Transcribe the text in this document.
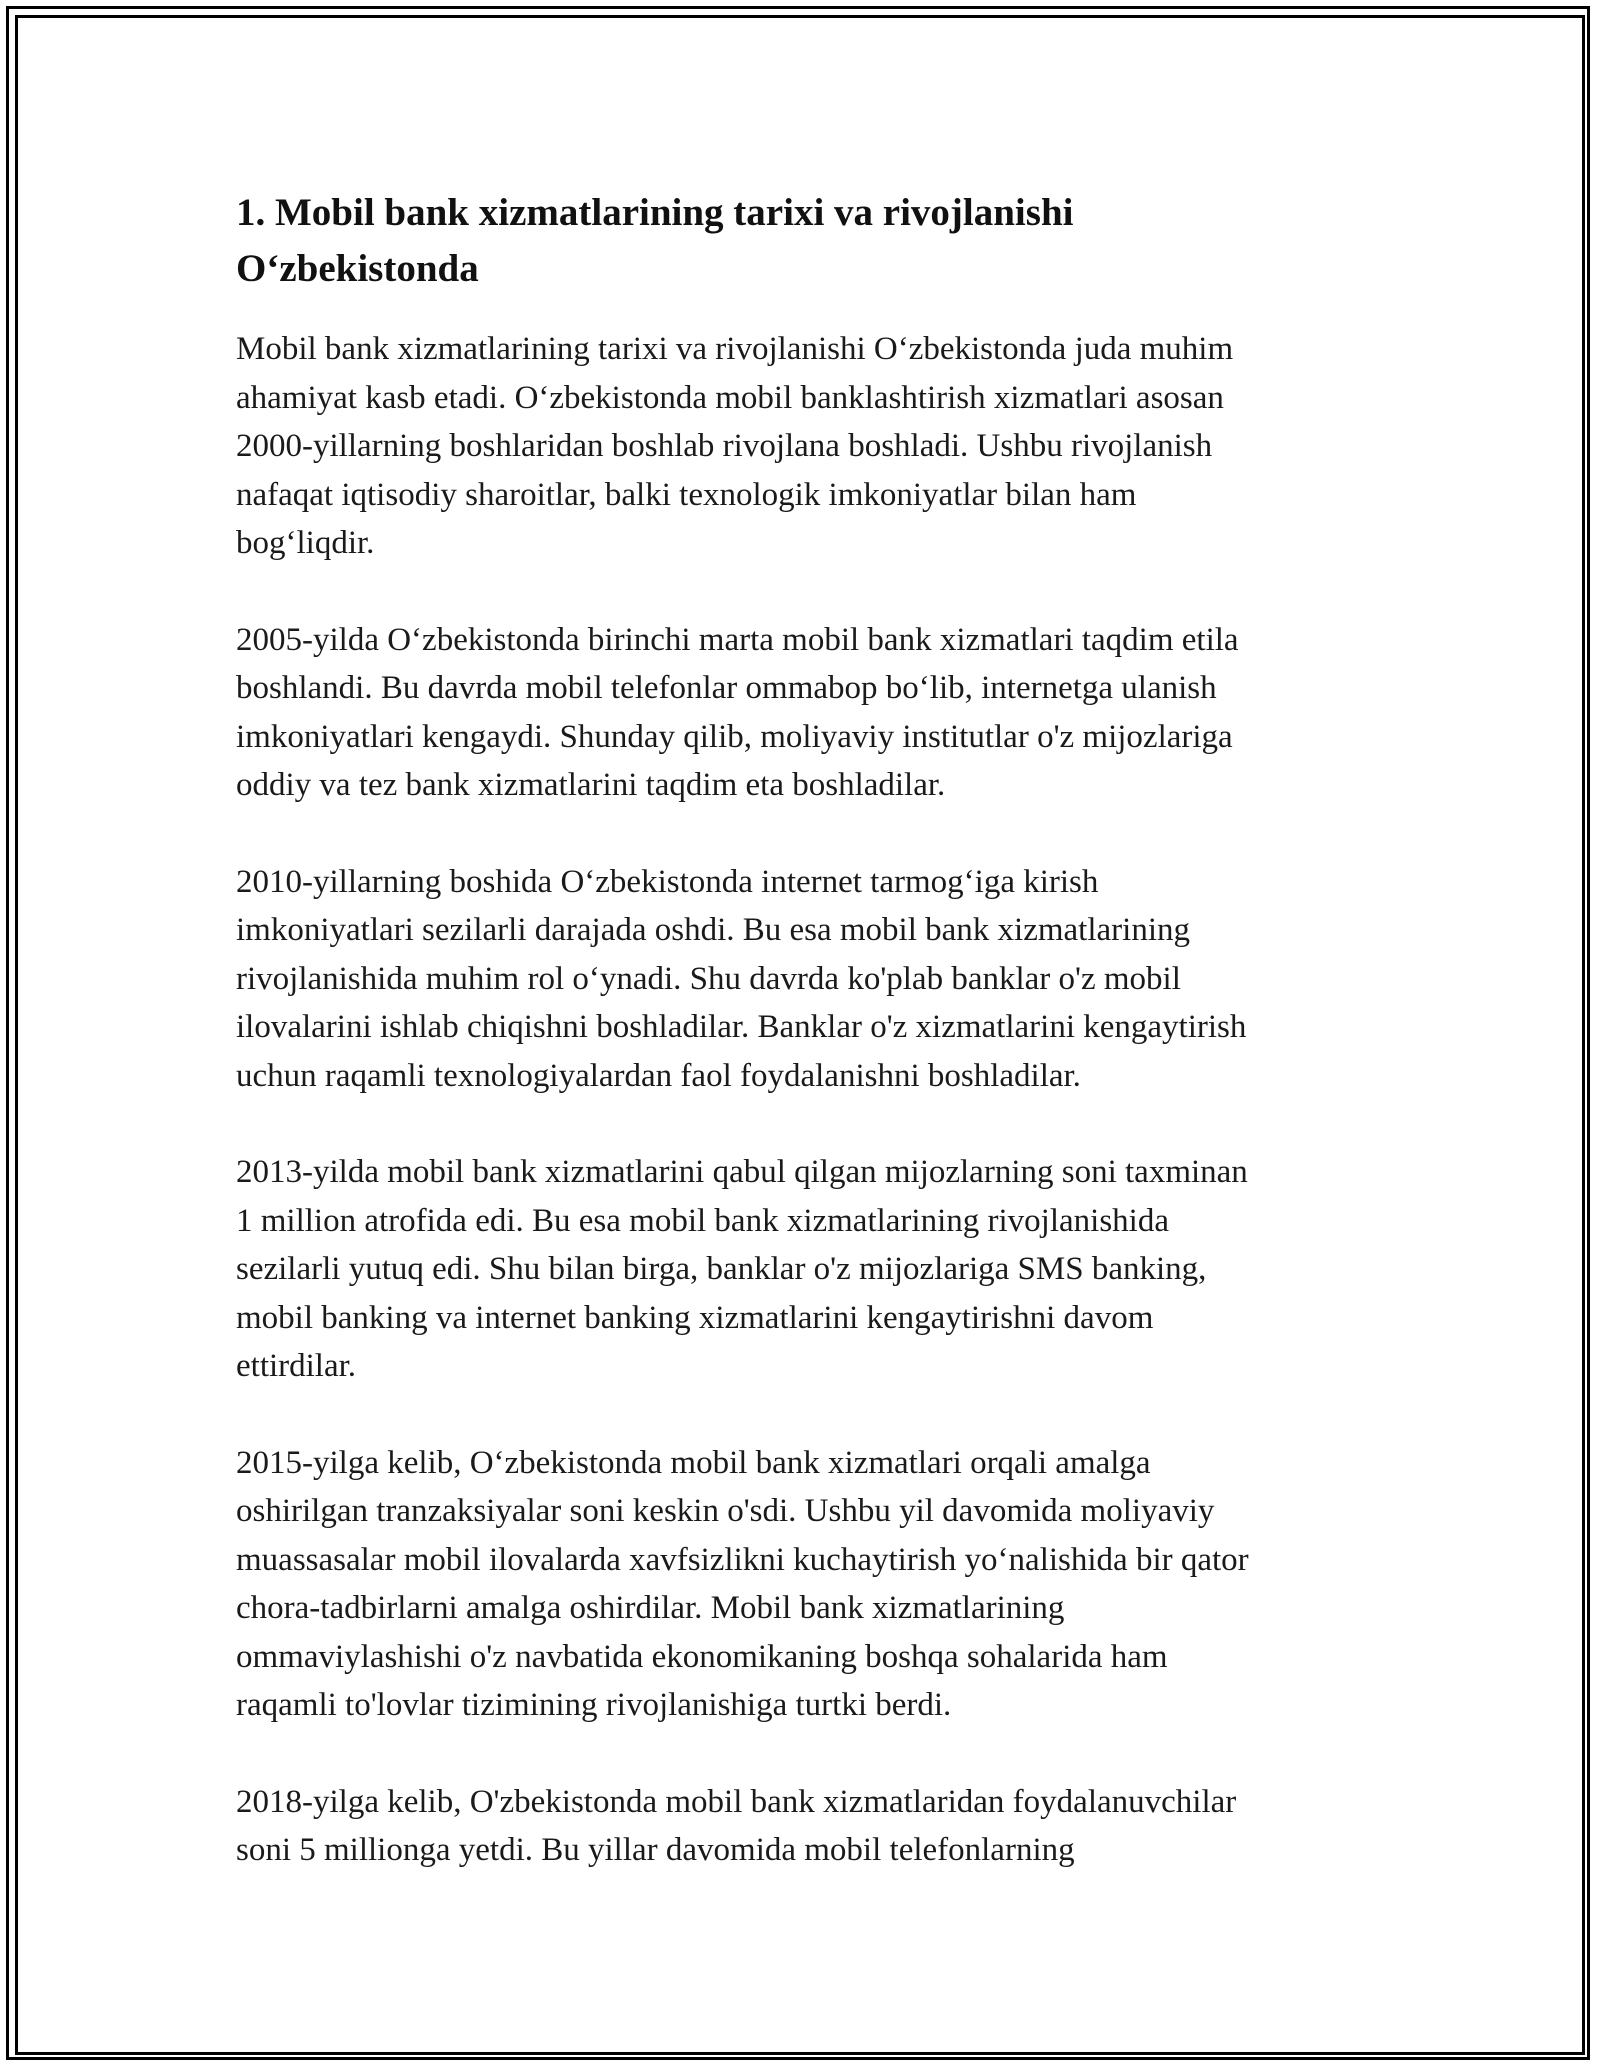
1. Mobil bank xizmatlarining tarixi va rivojlanishi
O‘zbekistonda

Mobil bank xizmatlarining tarixi va rivojlanishi O‘zbekistonda juda muhim
ahamiyat kasb etadi. O‘zbekistonda mobil banklashtirish xizmatlari asosan
2000-yillarning boshlaridan boshlab rivojlana boshladi. Ushbu rivojlanish
nafaqat iqtisodiy sharoitlar, balki texnologik imkoniyatlar bilan ham
bog‘liqdir.

2005-yilda O‘zbekistonda birinchi marta mobil bank xizmatlari taqdim etila
boshlandi. Bu davrda mobil telefonlar ommabop bo‘lib, internetga ulanish
imkoniyatlari kengaydi. Shunday qilib, moliyaviy institutlar o'z mijozlariga
oddiy va tez bank xizmatlarini taqdim eta boshladilar.

2010-yillarning boshida O‘zbekistonda internet tarmog‘iga kirish
imkoniyatlari sezilarli darajada oshdi. Bu esa mobil bank xizmatlarining
rivojlanishida muhim rol o‘ynadi. Shu davrda ko'plab banklar o'z mobil
ilovalarini ishlab chiqishni boshladilar. Banklar o'z xizmatlarini kengaytirish
uchun raqamli texnologiyalardan faol foydalanishni boshladilar.

2013-yilda mobil bank xizmatlarini qabul qilgan mijozlarning soni taxminan
1 million atrofida edi. Bu esa mobil bank xizmatlarining rivojlanishida
sezilarli yutuq edi. Shu bilan birga, banklar o'z mijozlariga SMS banking,
mobil banking va internet banking xizmatlarini kengaytirishni davom
ettirdilar.

2015-yilga kelib, O‘zbekistonda mobil bank xizmatlari orqali amalga
oshirilgan tranzaksiyalar soni keskin o'sdi. Ushbu yil davomida moliyaviy
muassasalar mobil ilovalarda xavfsizlikni kuchaytirish yo‘nalishida bir qator
chora-tadbirlarni amalga oshirdilar. Mobil bank xizmatlarining
ommaviylashishi o'z navbatida ekonomikaning boshqa sohalarida ham
raqamli to'lovlar tizimining rivojlanishiga turtki berdi.

2018-yilga kelib, O'zbekistonda mobil bank xizmatlaridan foydalanuvchilar
soni 5 millionga yetdi. Bu yillar davomida mobil telefonlarning
